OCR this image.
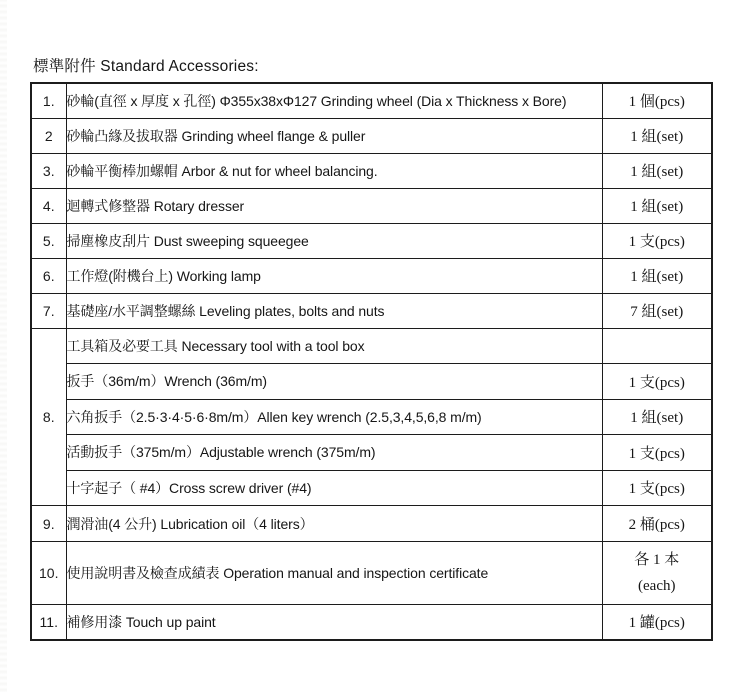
標準附件 Standard Accessories:
1.	砂輪(直徑 x 厚度 x 孔徑) Φ355x38xΦ127 Grinding wheel (Dia x Thickness x Bore)	1 個(pcs)
2	砂輪凸緣及拔取器 Grinding wheel flange & puller	1 組(set)
3.	砂輪平衡棒加螺帽 Arbor & nut for wheel balancing.	1 組(set)
4.	迴轉式修整器 Rotary dresser	1 組(set)
5.	掃塵橡皮刮片 Dust sweeping squeegee	1 支(pcs)
6.	工作燈(附機台上) Working lamp	1 組(set)
7.	基礎座/水平調整螺絲 Leveling plates, bolts and nuts	7 組(set)
8.	工具箱及必要工具 Necessary tool with a tool box	
	扳手（36m/m）Wrench (36m/m)	1 支(pcs)
	六角扳手（2.5·3·4·5·6·8m/m）Allen key wrench (2.5,3,4,5,6,8 m/m)	1 組(set)
	活動扳手（375m/m）Adjustable wrench (375m/m)	1 支(pcs)
	十字起子（ #4）Cross screw driver (#4)	1 支(pcs)
9.	潤滑油(4 公升) Lubrication oil（4 liters）	2 桶(pcs)
10.	使用說明書及檢查成績表 Operation manual and inspection certificate	各 1 本
(each)

11.	補修用漆 Touch up paint	1 罐(pcs)
